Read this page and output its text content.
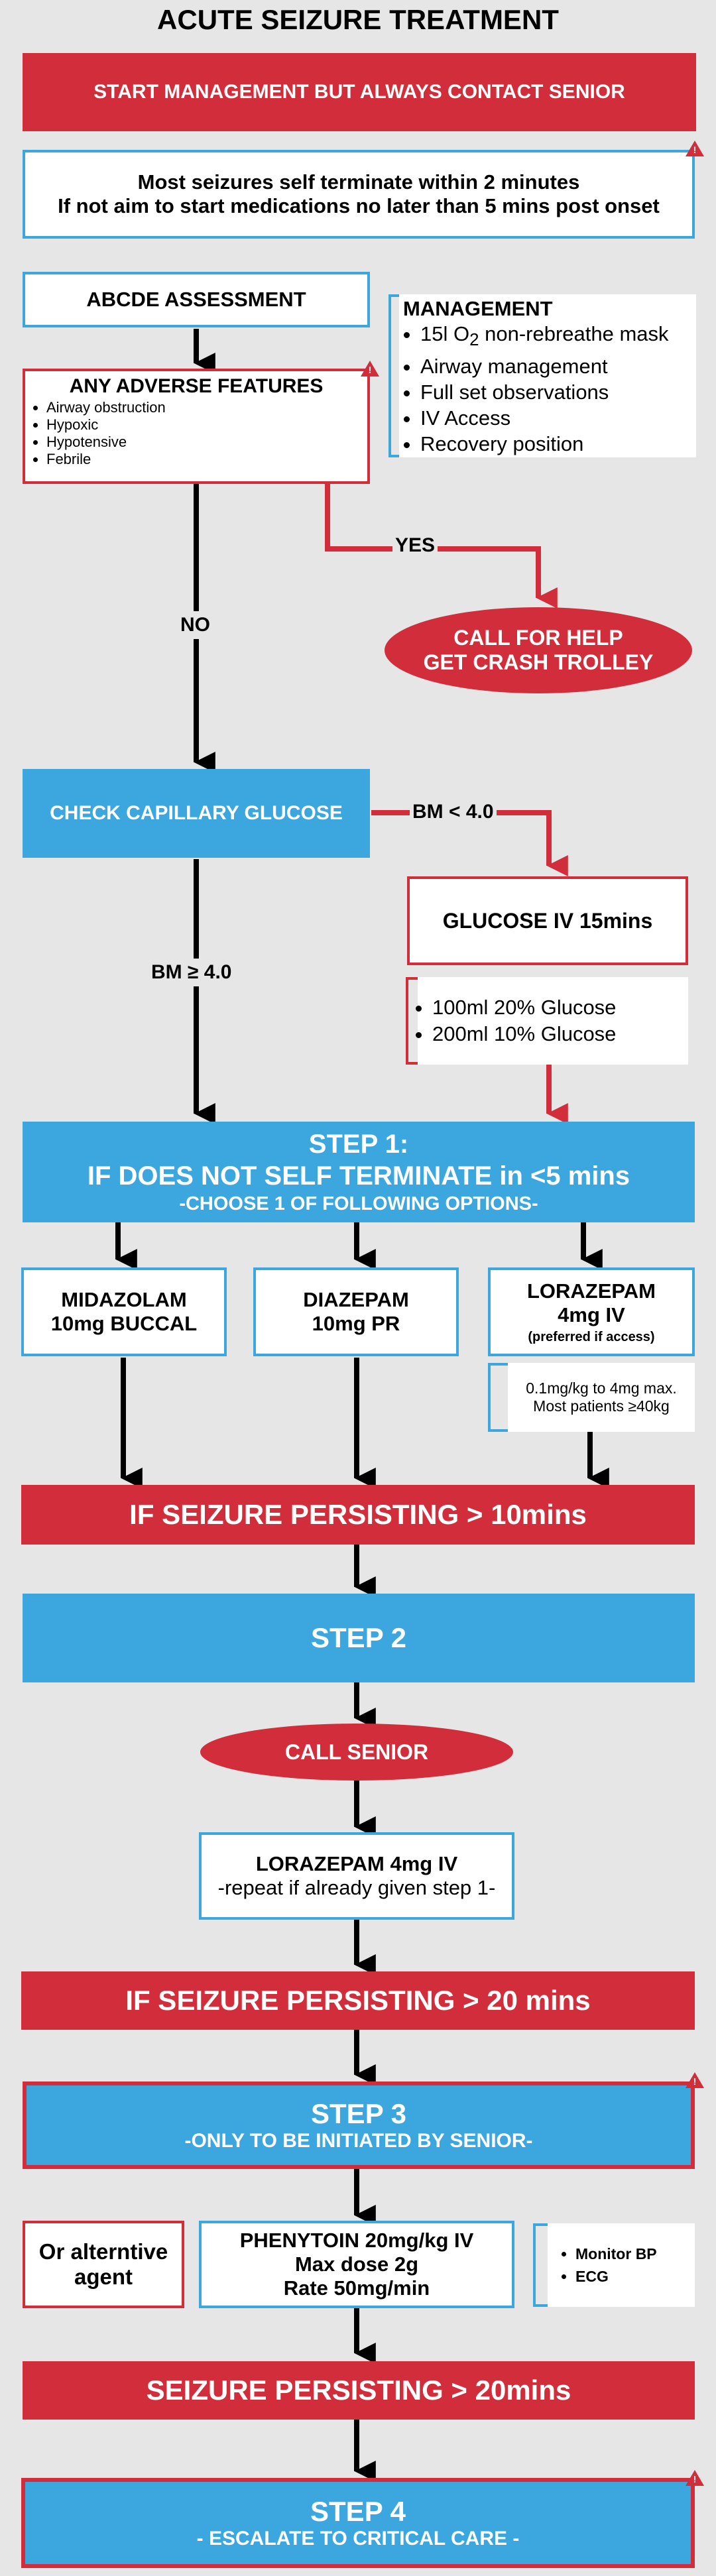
ACUTE SEIZURE TREATMENT
START MANAGEMENT BUT ALWAYS CONTACT SENIOR
Most seizures self terminate within 2 minutes
If not aim to start medications no later than 5 mins post onset
!
ABCDE ASSESSMENT
ANY ADVERSE FEATURES
• Airway obstruction
• Hypoxic
• Hypotensive
• Febrile
!
MANAGEMENT
• 15l $O_2$ non-rebreathe mask
• Airway management
• Full set observations
• IV Access
• Recovery position
YES
NO
CALL FOR HELP
GET CRASH TROLLEY
CHECK CAPILLARY GLUCOSE	BM < 4.0
BM ≥ 4.0
GLUCOSE IV 15mins
• 100ml 20% Glucose
• 200ml 10% Glucose
STEP 1:
IF DOES NOT SELF TERMINATE in <5 mins
-CHOOSE 1 OF FOLLOWING OPTIONS-
MIDAZOLAM
10mg BUCCAL
DIAZEPAM
10mg PR
LORAZEPAM
4mg IV
(preferred if access)
0.1mg/kg to 4mg max.
Most patients ≥40kg
IF SEIZURE PERSISTING > 10mins
STEP 2
CALL SENIOR
LORAZEPAM 4mg IV
-repeat if already given step 1-
IF SEIZURE PERSISTING > 20 mins
STEP 3
-ONLY TO BE INITIATED BY SENIOR-
!
Or alterntive
agent
PHENYTOIN 20mg/kg IV
Max dose 2g
Rate 50mg/min
• Monitor BP
• ECG
SEIZURE PERSISTING > 20mins
STEP 4
- ESCALATE TO CRITICAL CARE -
!
